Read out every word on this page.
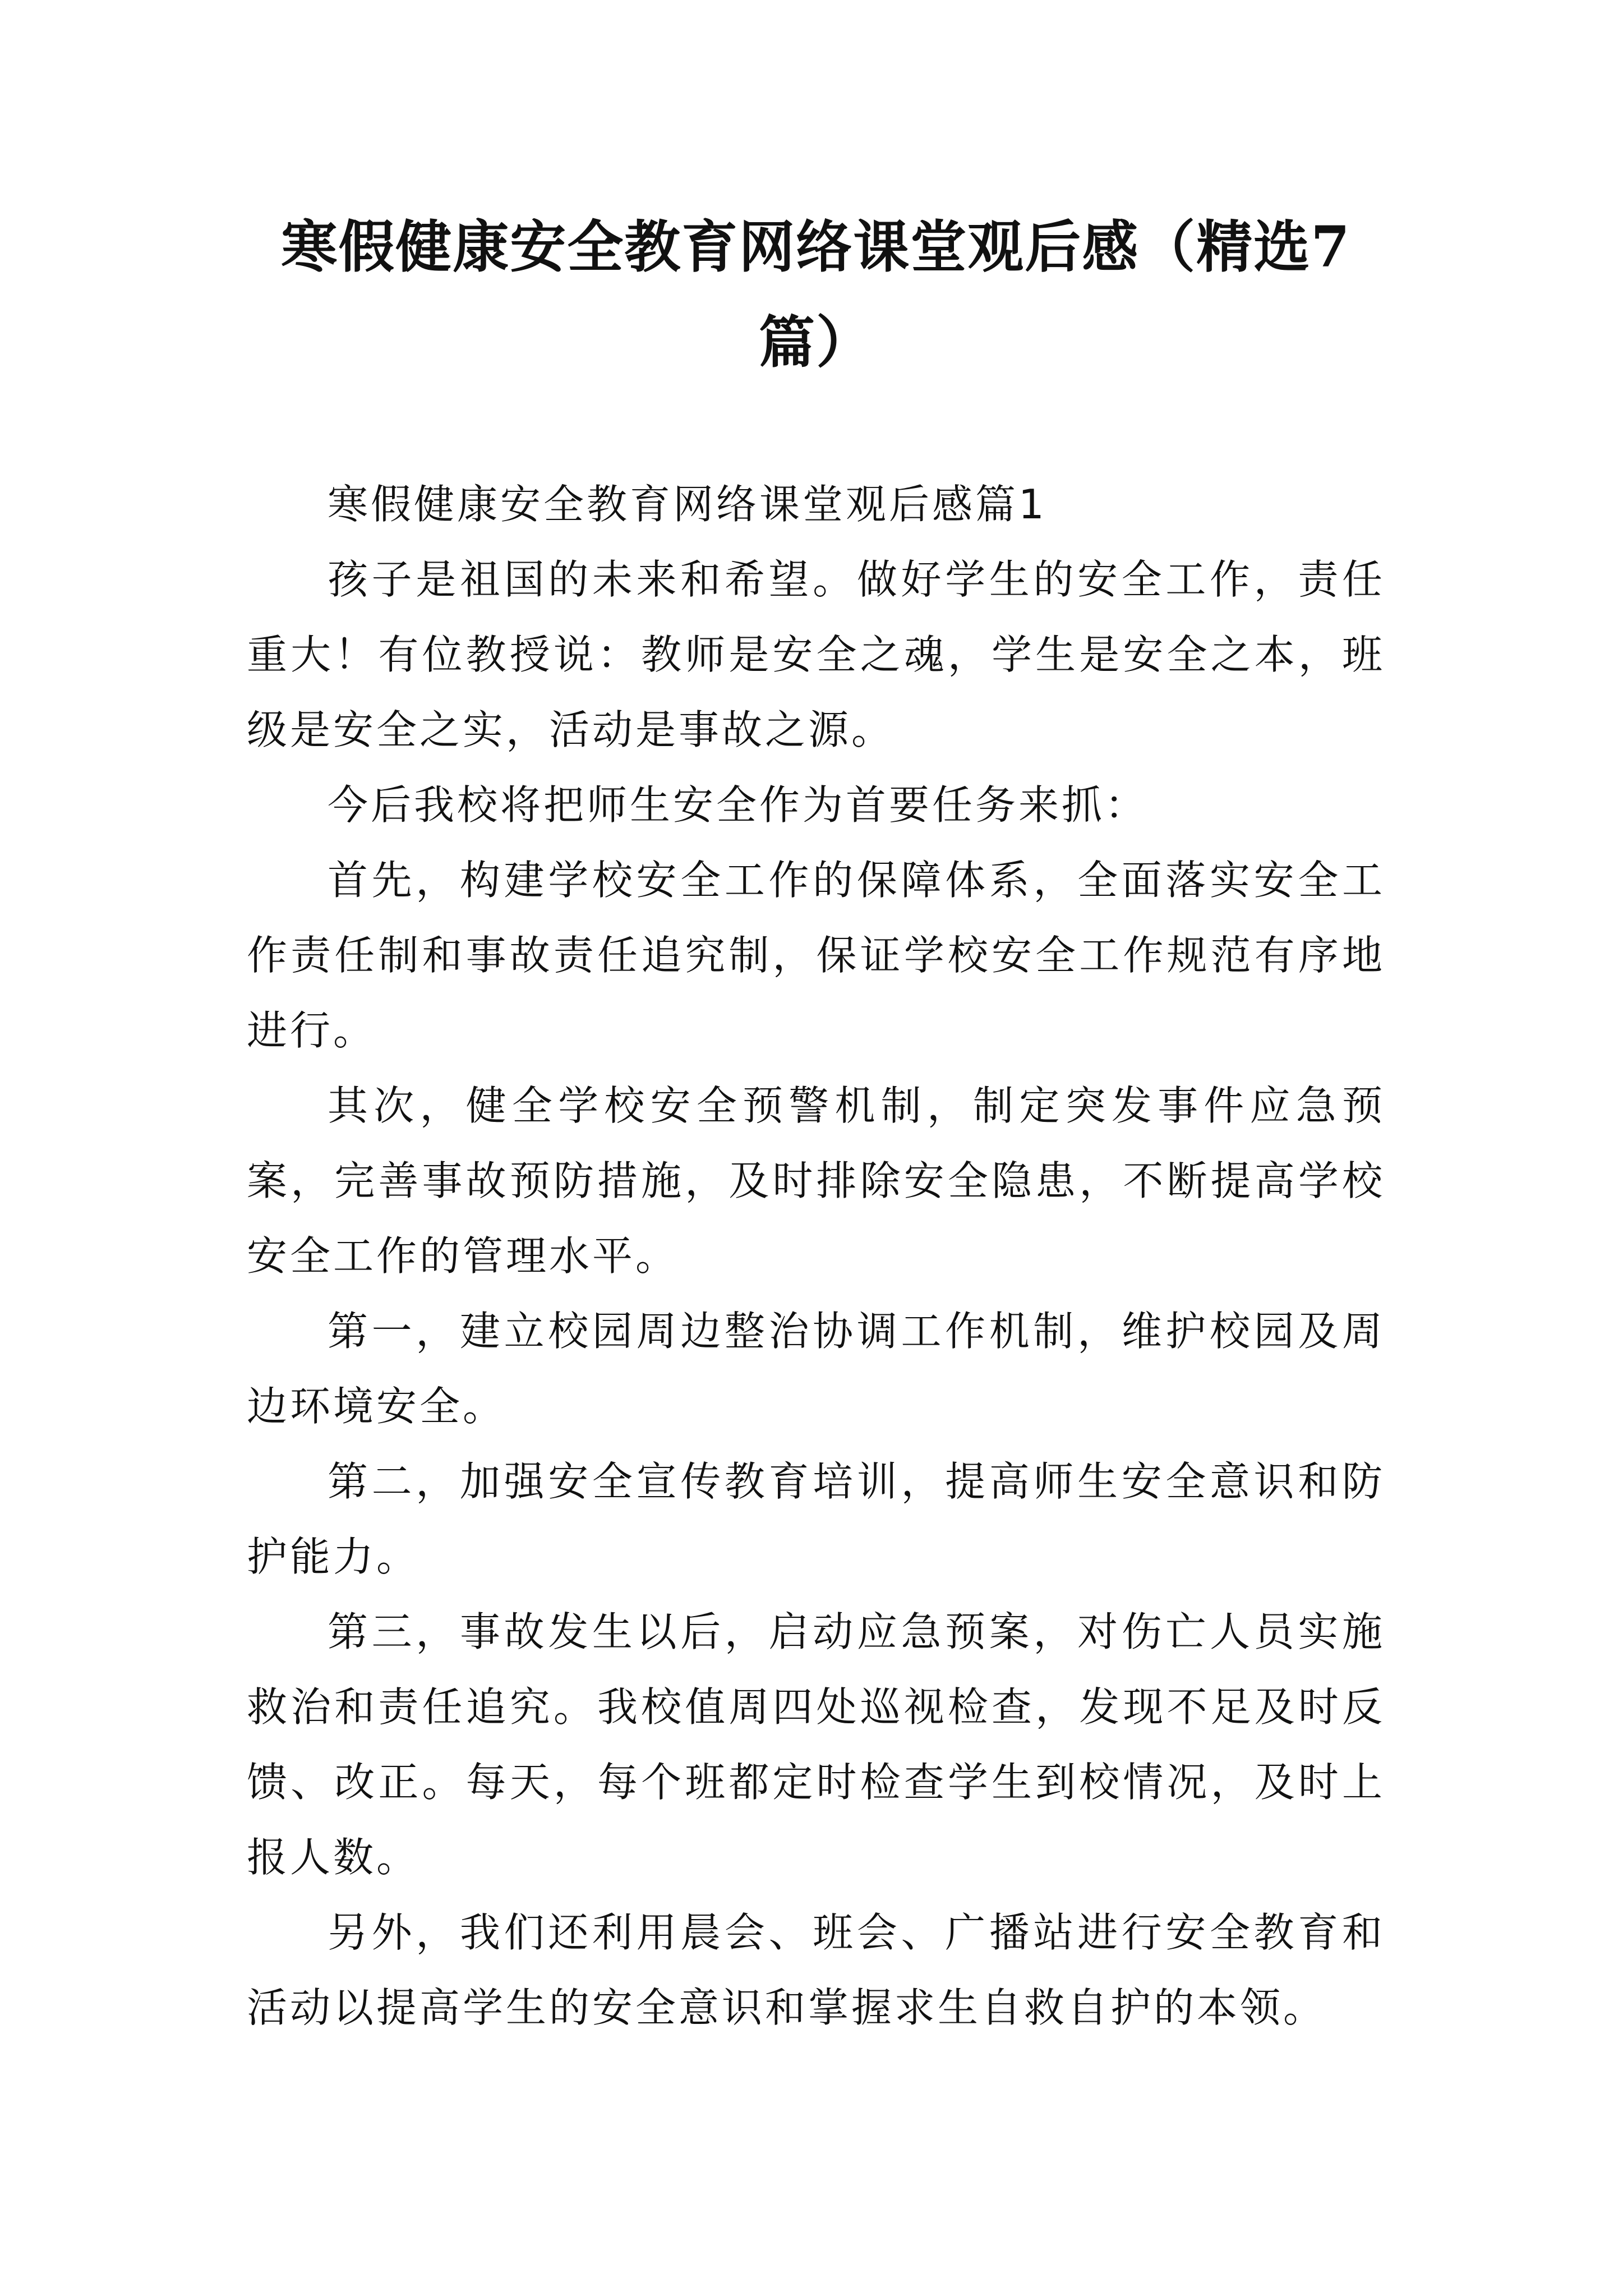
寒假健康安全教育网络课堂观后感（精选7篇）

寒假健康安全教育网络课堂观后感篇1

孩子是祖国的未来和希望。做好学生的安全工作，责任重大！有位教授说：教师是安全之魂，学生是安全之本，班级是安全之实，活动是事故之源。

今后我校将把师生安全作为首要任务来抓：

首先，构建学校安全工作的保障体系，全面落实安全工作责任制和事故责任追究制，保证学校安全工作规范有序地进行。

其次，健全学校安全预警机制，制定突发事件应急预案，完善事故预防措施，及时排除安全隐患，不断提高学校安全工作的管理水平。

第一，建立校园周边整治协调工作机制，维护校园及周边环境安全。

第二，加强安全宣传教育培训，提高师生安全意识和防护能力。

第三，事故发生以后，启动应急预案，对伤亡人员实施救治和责任追究。我校值周四处巡视检查，发现不足及时反馈、改正。每天，每个班都定时检查学生到校情况，及时上报人数。

另外，我们还利用晨会、班会、广播站进行安全教育和活动以提高学生的安全意识和掌握求生自救自护的本领。
